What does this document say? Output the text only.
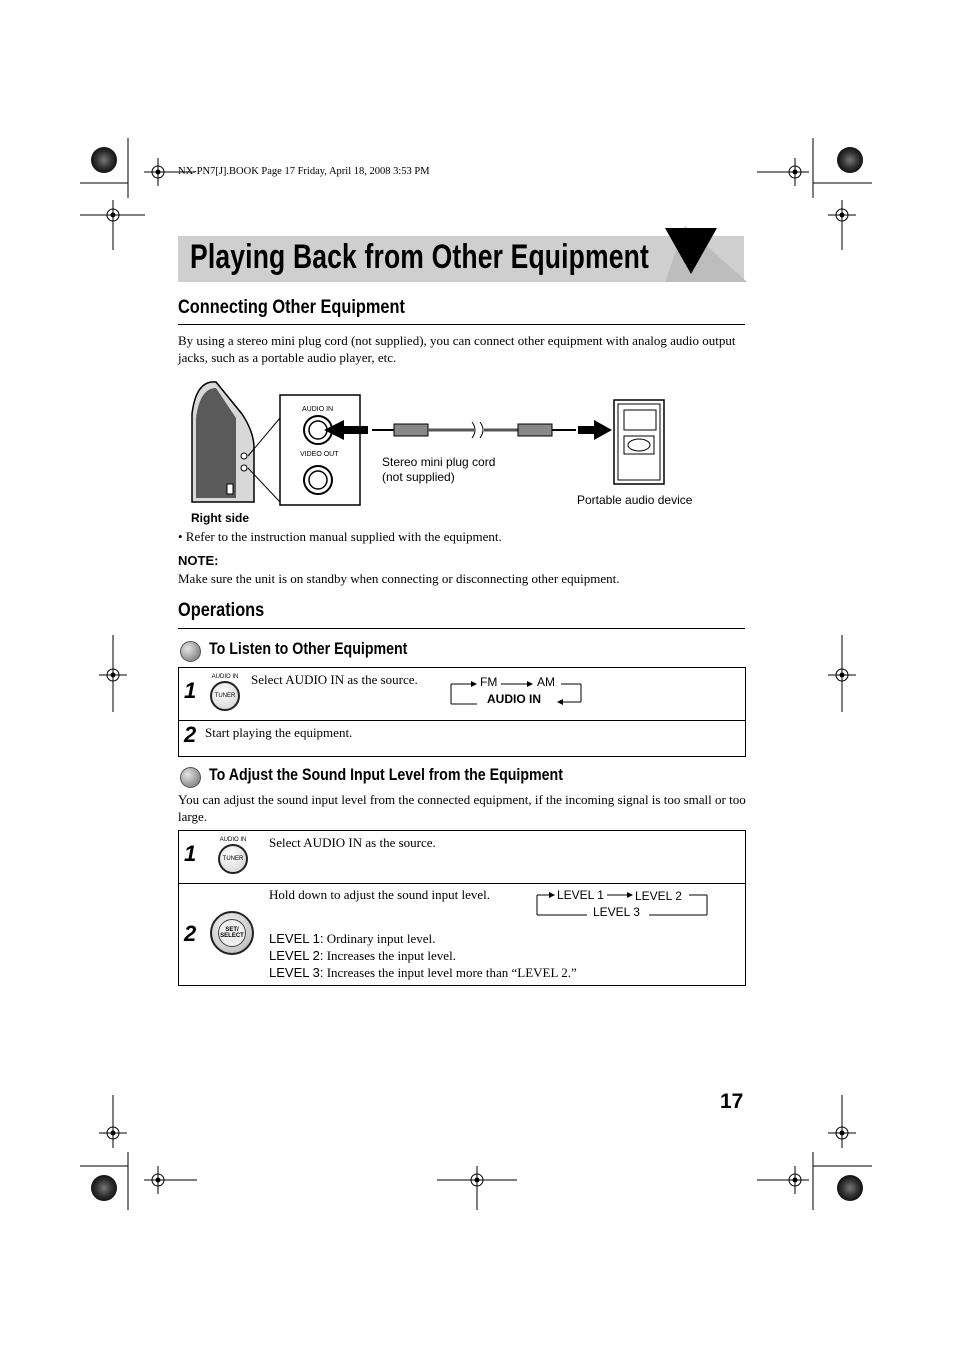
NX-PN7[J].BOOK Page 17 Friday, April 18, 2008 3:53 PM
Playing Back from Other Equipment
Connecting Other Equipment
By using a stereo mini plug cord (not supplied), you can connect other equipment with analog audio output jacks, such as a portable audio player, etc.
AUDIO IN
VIDEO OUT
Stereo mini plug cord
(not supplied)
Portable audio device
Right side
• Refer to the instruction manual supplied with the equipment.
NOTE:
Make sure the unit is on standby when connecting or disconnecting other equipment.
Operations
To Listen to Other Equipment
1
AUDIO IN
TUNER
Select AUDIO IN as the source.	FM	AM
AUDIO IN
2 Start playing the equipment.
To Adjust the Sound Input Level from the Equipment
You can adjust the sound input level from the connected equipment, if the incoming signal is too small or too large.
1
AUDIO IN
TUNER
Select AUDIO IN as the source.
2	SET/
SELECT
Hold down to adjust the sound input level.	LEVEL 1	LEVEL 2
LEVEL 3
LEVEL 1: Ordinary input level.
LEVEL 2: Increases the input level.
LEVEL 3: Increases the input level more than “LEVEL 2.”
17
